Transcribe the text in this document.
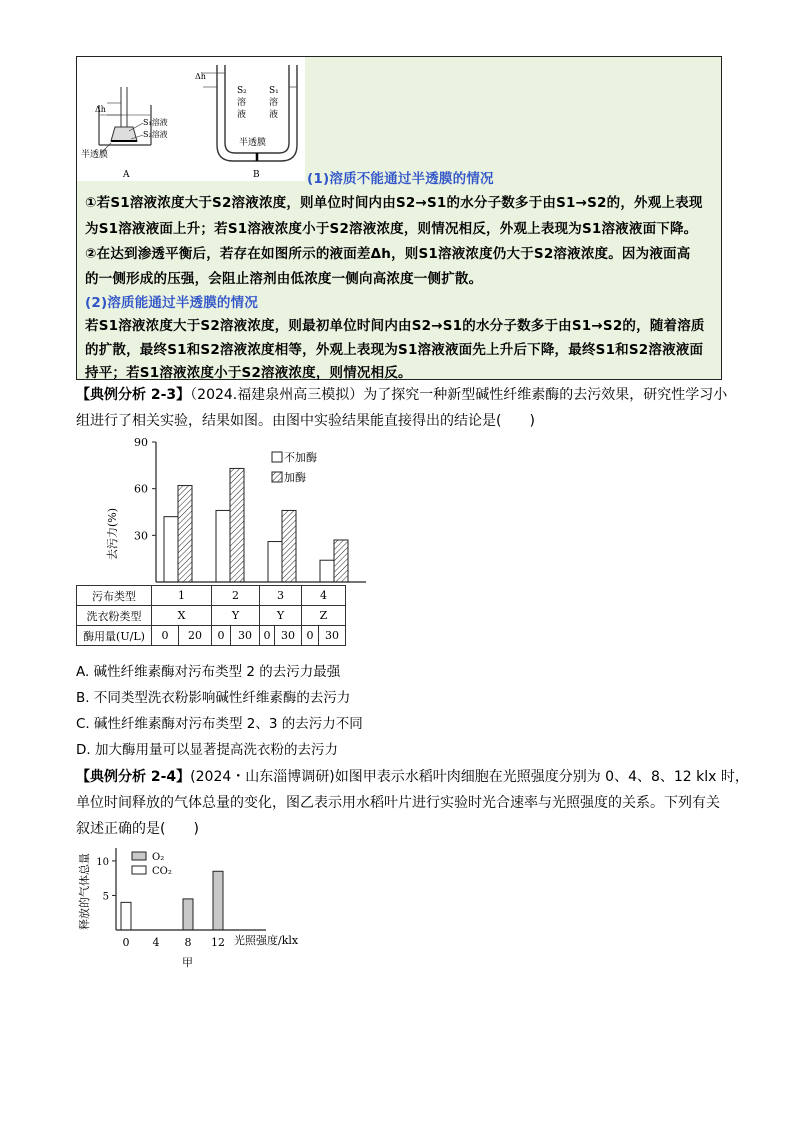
Δh
S₁溶液
S₂溶液
半透膜
A
Δh
S₂
溶
液
S₁
溶
液
半透膜
B	(1)溶质不能通过半透膜的情况
①若S1溶液浓度大于S2溶液浓度，则单位时间内由S2→S1的水分子数多于由S1→S2的，外观上表现
为S1溶液液面上升；若S1溶液浓度小于S2溶液浓度，则情况相反，外观上表现为S1溶液液面下降。
②在达到渗透平衡后，若存在如图所示的液面差Δh，则S1溶液浓度仍大于S2溶液浓度。因为液面高
的一侧形成的压强，会阻止溶剂由低浓度一侧向高浓度一侧扩散。
(2)溶质能通过半透膜的情况
若S1溶液浓度大于S2溶液浓度，则最初单位时间内由S2→S1的水分子数多于由S1→S2的，随着溶质
的扩散，最终S1和S2溶液浓度相等，外观上表现为S1溶液液面先上升后下降，最终S1和S2溶液液面
持平；若S1溶液浓度小于S2溶液浓度，则情况相反。
【典例分析 2-3】（2024.福建泉州高三模拟）为了探究一种新型碱性纤维素酶的去污效果，研究性学习小
组进行了相关实验，结果如图。由图中实验结果能直接得出的结论是(　　)
去污力(%) 30
60
90
不加酶
加酶
污布类型	1		2		3		4	
洗衣粉类型	X		Y		Y		Z	
酶用量(U/L)	0	20	0	30	0	30	0	30
A. 碱性纤维素酶对污布类型 2 的去污力最强
B. 不同类型洗衣粉影响碱性纤维素酶的去污力
C. 碱性纤维素酶对污布类型 2、3 的去污力不同
D. 加大酶用量可以显著提高洗衣粉的去污力
【典例分析 2-4】(2024・山东淄博调研)如图甲表示水稻叶肉细胞在光照强度分别为 0、4、8、12 klx 时，
单位时间释放的气体总量的变化，图乙表示用水稻叶片进行实验时光合速率与光照强度的关系。下列有关
叙述正确的是(　　)
释放的气体总量 5
10
0 4 8 12
O₂
CO₂
光照强度/klx
甲
